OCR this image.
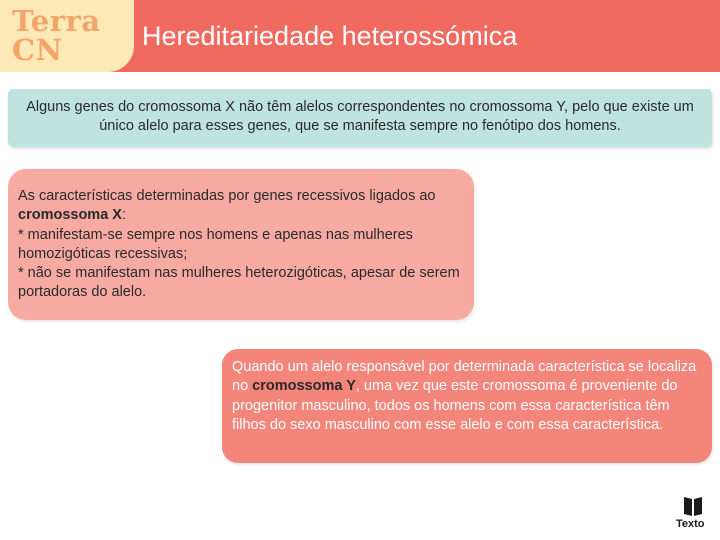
Terra
CN	Hereditariedade heterossómica
Alguns genes do cromossoma X não têm alelos correspondentes no cromossoma Y, pelo que existe um único alelo para esses genes, que se manifesta sempre no fenótipo dos homens.
As características determinadas por genes recessivos ligados ao cromossoma X:
* manifestam-se sempre nos homens e apenas nas mulheres homozigóticas recessivas;
* não se manifestam nas mulheres heterozigóticas, apesar de serem portadoras do alelo.
Quando um alelo responsável por determinada característica se localiza no cromossoma Y, uma vez que este cromossoma é proveniente do progenitor masculino, todos os homens com essa característica têm filhos do sexo masculino com esse alelo e com essa característica.
Texto
